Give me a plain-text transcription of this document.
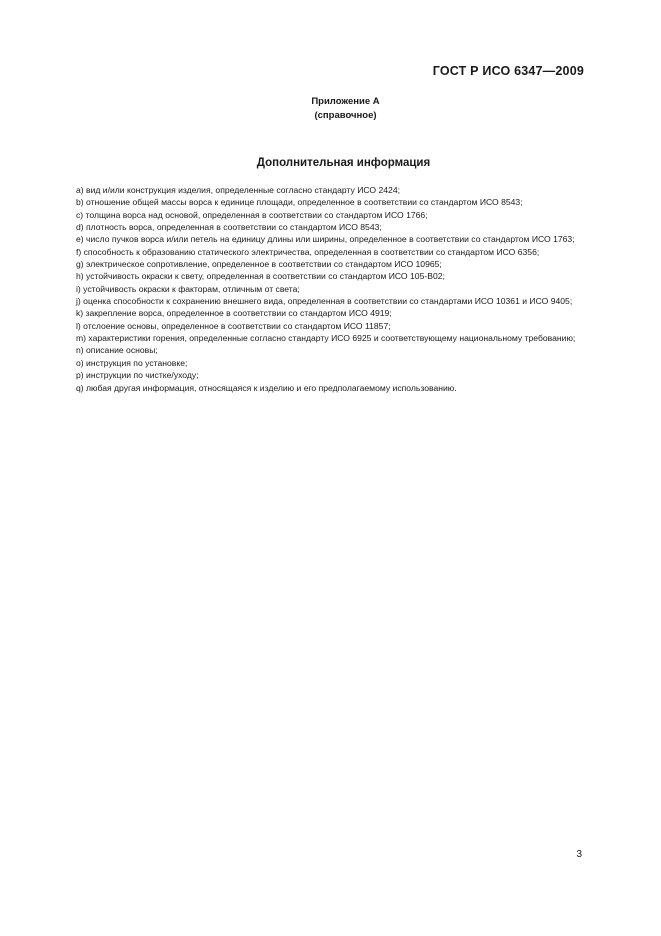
ГОСТ Р ИСО 6347—2009
Приложение А
(справочное)
Дополнительная информация
а) вид и/или конструкция изделия, определенные согласно стандарту ИСО 2424;
b) отношение общей массы ворса к единице площади, определенное в соответствии со стандартом ИСО 8543;
c) толщина ворса над основой, определенная в соответствии со стандартом ИСО 1766;
d) плотность ворса, определенная в соответствии со стандартом ИСО 8543;
e) число пучков ворса и/или петель на единицу длины или ширины, определенное в соответствии со стандартом ИСО 1763;
f) способность к образованию статического электричества, определенная в соответствии со стандартом ИСО 6356;
g) электрическое сопротивление, определенное в соответствии со стандартом ИСО 10965;
h) устойчивость окраски к свету, определенная в соответствии со стандартом ИСО 105-В02;
i) устойчивость окраски к факторам, отличным от света;
j) оценка способности к сохранению внешнего вида, определенная в соответствии со стандартами ИСО 10361 и ИСО 9405;
k) закрепление ворса, определенное в соответствии со стандартом ИСО 4919;
l) отслоение основы, определенное в соответствии со стандартом ИСО 11857;
m) характеристики горения, определенные согласно стандарту ИСО 6925 и соответствующему национальному требованию;
n) описание основы;
o) инструкция по установке;
p) инструкции по чистке/уходу;
q) любая другая информация, относящаяся к изделию и его предполагаемому использованию.
3
